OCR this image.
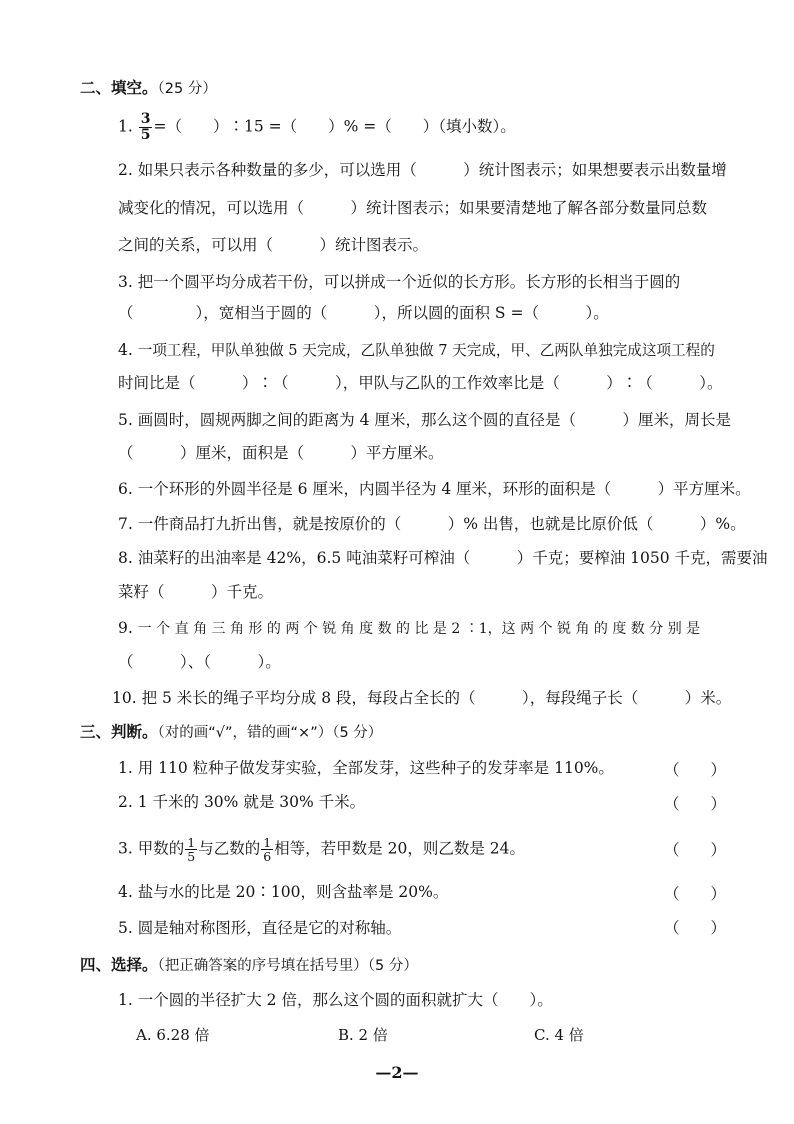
二、填空。（25 分）
1. $\frac{3}{5}$ =（　　）∶15 =（　　）% =（　　）（填小数）。
2. 如果只表示各种数量的多少，可以选用（　　　）统计图表示；如果想要表示出数量增
减变化的情况，可以选用（　　　）统计图表示；如果要清楚地了解各部分数量同总数
之间的关系，可以用（　　　）统计图表示。
3. 把一个圆平均分成若干份，可以拼成一个近似的长方形。长方形的长相当于圆的
（　　　　），宽相当于圆的（　　　），所以圆的面积 S =（　　　）。
4. 一项工程，甲队单独做 5 天完成，乙队单独做 7 天完成，甲、乙两队单独完成这项工程的
时间比是（　　　）∶（　　　），甲队与乙队的工作效率比是（　　　）∶（　　　）。
5. 画圆时，圆规两脚之间的距离为 4 厘米，那么这个圆的直径是（　　　）厘米，周长是
（　　　）厘米，面积是（　　　）平方厘米。
6. 一个环形的外圆半径是 6 厘米，内圆半径为 4 厘米，环形的面积是（　　　）平方厘米。
7. 一件商品打九折出售，就是按原价的（　　　）% 出售，也就是比原价低（　　　）%。
8. 油菜籽的出油率是 42%，6.5 吨油菜籽可榨油（　　　）千克；要榨油 1050 千克，需要油
菜籽（　　　）千克。
9. 一 个 直 角 三 角 形 的 两 个 锐 角 度 数 的 比 是 2 ∶1，这 两 个 锐 角 的 度 数 分 别 是
（　　　）、（　　　）。
10. 把 5 米长的绳子平均分成 8 段，每段占全长的（　　　），每段绳子长（　　　）米。
三、判断。（对的画“√”，错的画“×”）（5 分）
1. 用 110 粒种子做发芽实验，全部发芽，这些种子的发芽率是 110%。	（　　）
2. 1 千米的 30% 就是 30% 千米。	（　　）
3. 甲数的 $\frac{1}{5}$ 与乙数的 $\frac{1}{6}$ 相等，若甲数是 20，则乙数是 24。	（　　）
4. 盐与水的比是 20∶100，则含盐率是 20%。	（　　）
5. 圆是轴对称图形，直径是它的对称轴。	（　　）
四、选择。（把正确答案的序号填在括号里）（5 分）
1. 一个圆的半径扩大 2 倍，那么这个圆的面积就扩大（　　）。
A. 6.28 倍	B. 2 倍	C. 4 倍
—2—
